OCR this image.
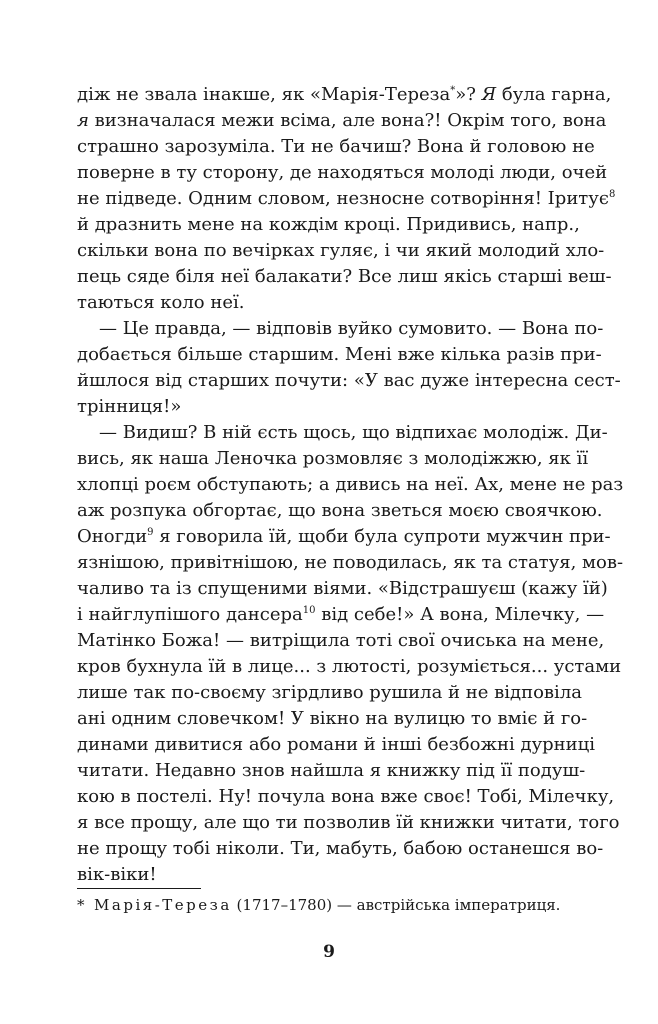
діж не звала інакше, як «Марія-Тереза*»? Я була гарна,
я визначалася межи всіма, але вона?! Окрім того, вона
страшно зарозуміла. Ти не бачиш? Вона й головою не
поверне в ту сторону, де находяться молоді люди, очей
не підведе. Одним словом, незносне сотворіння! Іритує$^8$
й дразнить мене на кождім кроці. Придивись, напр.,
скільки вона по вечірках гуляє, і чи який молодий хло-
пець сяде біля неї балакати? Все лиш якісь старші веш-
таються коло неї.
— Це правда, — відповів вуйко сумовито. — Вона по-
добається більше старшим. Мені вже кілька разів при-
йшлося від старших почути: «У вас дуже інтересна сест-
трінниця!»
— Видиш? В ній єсть щось, що відпихає молодіж. Ди-
вись, як наша Леночка розмовляє з молодіжжю, як її
хлопці роєм обступають; а дивись на неї. Ах, мене не раз
аж розпука обгортає, що вона зветься моєю своячкою.
Оногди$^9$ я говорила їй, щоби була супроти мужчин при-
язнішою, привітнішою, не поводилась, як та статуя, мов-
чаливо та із спущеними віями. «Відстрашуєш (кажу їй)
і найглупішого дансера$^{10}$ від себе!» А вона, Мілечку, —
Матінко Божа! — витріщила тоті свої очиська на мене,
кров бухнула їй в лице... з лютості, розуміється... устами
лише так по-своєму згірдливо рушила й не відповіла
ані одним словечком! У вікно на вулицю то вміє й го-
динами дивитися або романи й інші безбожні дурниці
читати. Недавно знов найшла я книжку під її подуш-
кою в постелі. Ну! почула вона вже своє! Тобі, Мілечку,
я все прощу, але що ти позволив їй книжки читати, того
не прощу тобі ніколи. Ти, мабуть, бабою останешся во-
вік-віки!
* Марія-Тереза (1717–1780) — австрійська імператриця.
9
